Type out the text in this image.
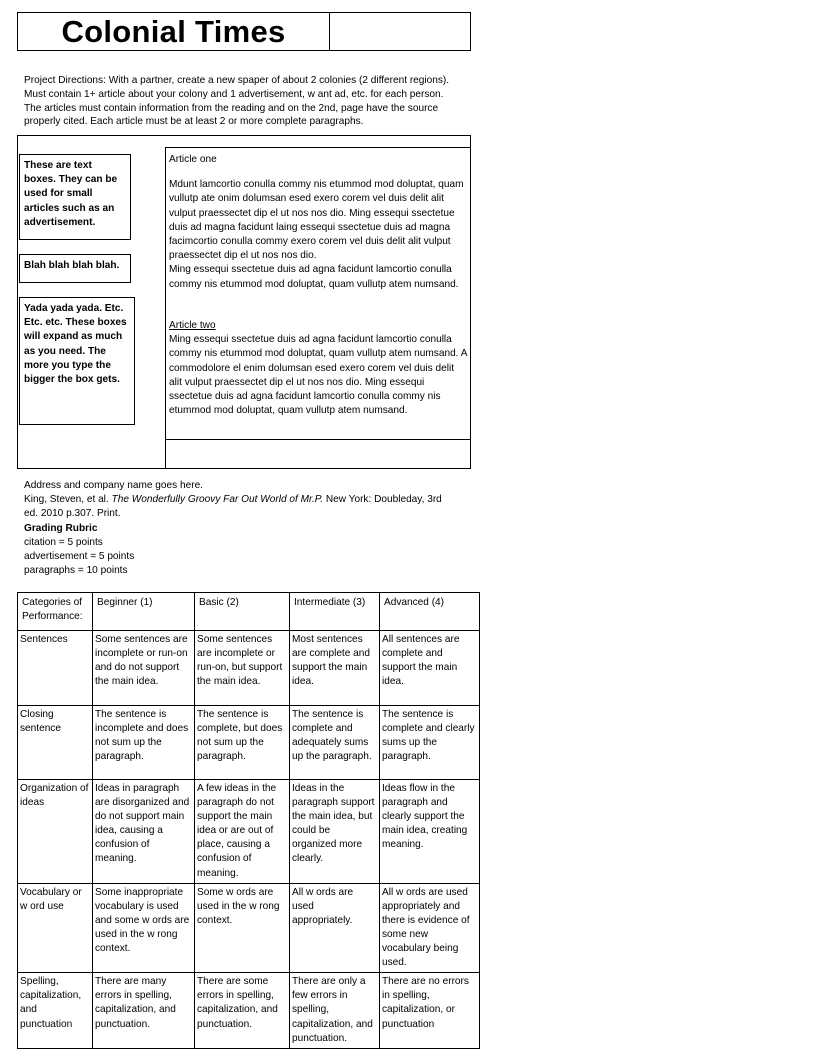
Colonial Times
Project Directions: With a partner, create a new spaper of about 2 colonies (2 different regions).
Must contain 1+ article about your colony and 1 advertisement, w ant ad, etc. for each person.
The articles must contain information from the reading and on the 2nd, page have the source
properly cited. Each article must be at least 2 or more complete paragraphs.
These are text boxes. They can be used for small articles such as an advertisement.
Blah blah blah blah.
Yada yada yada. Etc. Etc. etc. These boxes will expand as much as you need. The more you type the bigger the box gets.

Article one

Mdunt lamcortio conulla commy nis etummod mod doluptat, quam vullutp ate onim dolumsan esed exero corem vel duis delit alit vulput praessectet dip el ut nos nos dio. Ming essequi ssectetue duis ad magna facidunt laing essequi ssectetue duis ad magna facimcortio conulla commy exero corem vel duis delit alit vulput praessectet dip el ut nos nos dio.

Ming essequi ssectetue duis ad agna facidunt lamcortio conulla commy nis etummod mod doluptat, quam vullutp atem numsand.

Article two

Ming essequi ssectetue duis ad agna facidunt lamcortio conulla commy nis etummod mod doluptat, quam vullutp atem numsand. A commodolore el enim dolumsan esed exero corem vel duis delit alit vulput praessectet dip el ut nos nos dio. Ming essequi ssectetue duis ad agna facidunt lamcortio conulla commy nis etummod mod doluptat, quam vullutp atem numsand.

Address and company name goes here.
King, Steven, et al. The Wonderfully Groovy Far Out World of Mr.P. New York: Doubleday, 3rd
ed. 2010 p.307. Print.
Grading Rubric
citation = 5 points
advertisement = 5 points
paragraphs = 10 points
Categories of Performance:	Beginner (1)	Basic (2)	Intermediate (3)	Advanced (4)
Sentences	Some sentences are incomplete or run-on and do not support the main idea.	Some sentences are incomplete or run-on, but support the main idea.	Most sentences are complete and support the main idea.	All sentences are complete and support the main idea.
Closing sentence	The sentence is incomplete and does not sum up the paragraph.	The sentence is complete, but does not sum up the paragraph.	The sentence is complete and adequately sums up the paragraph.	The sentence is complete and clearly sums up the paragraph.
Organization of ideas	Ideas in paragraph are disorganized and do not support main idea, causing a confusion of meaning.	A few ideas in the paragraph do not support the main idea or are out of place, causing a confusion of meaning.	Ideas in the paragraph support the main idea, but could be organized more clearly.	Ideas flow in the paragraph and clearly support the main idea, creating meaning.
Vocabulary or w ord use	Some inappropriate vocabulary is used and some w ords are used in the w rong context.	Some w ords are used in the w rong context.	All w ords are used appropriately.	All w ords are used appropriately and there is evidence of some new vocabulary being used.
Spelling, capitalization, and punctuation	There are many errors in spelling, capitalization, and punctuation.	There are some errors in spelling, capitalization, and punctuation.	There are only a few errors in spelling, capitalization, and punctuation.	There are no errors in spelling, capitalization, or punctuation
